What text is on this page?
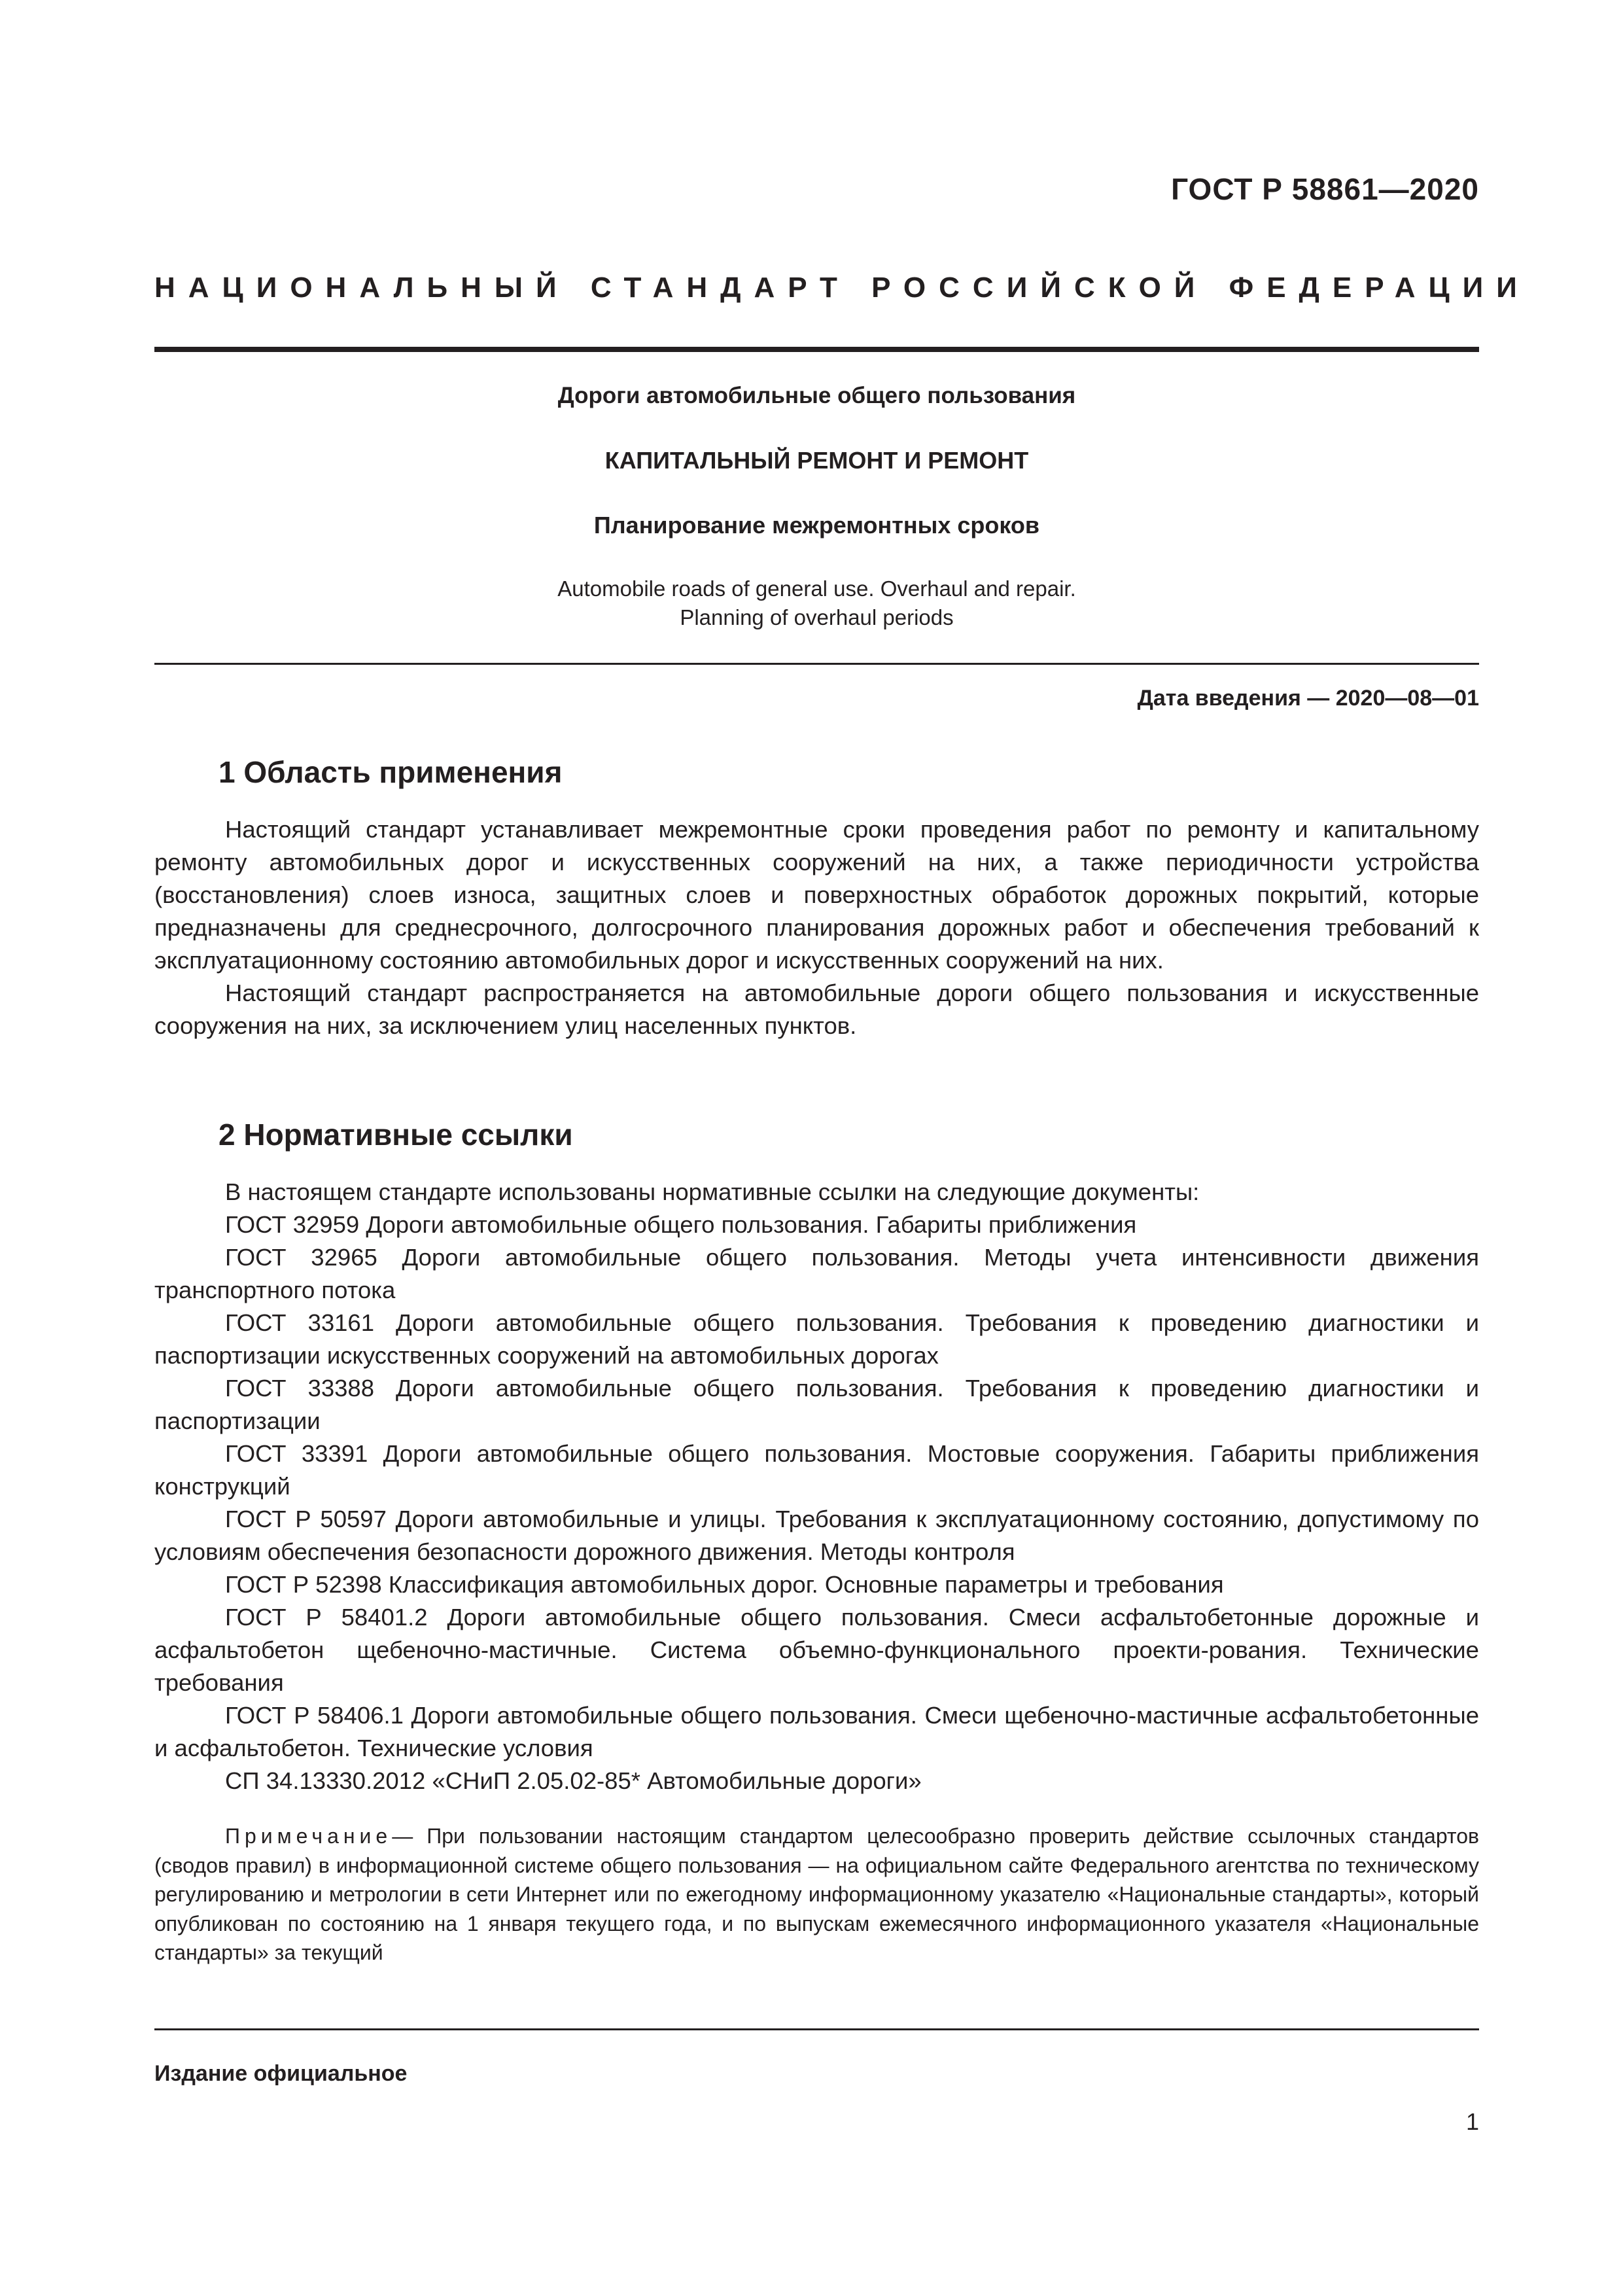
ГОСТ Р 58861—2020
НАЦИОНАЛЬНЫЙ СТАНДАРТ РОССИЙСКОЙ ФЕДЕРАЦИИ
Дороги автомобильные общего пользования
КАПИТАЛЬНЫЙ РЕМОНТ И РЕМОНТ
Планирование межремонтных сроков
Automobile roads of general use. Overhaul and repair.
Planning of overhaul periods
Дата введения — 2020—08—01
1 Область применения

Настоящий стандарт устанавливает межремонтные сроки проведения работ по ремонту и капитальному ремонту автомобильных дорог и искусственных сооружений на них, а также периодичности устройства (восстановления) слоев износа, защитных слоев и поверхностных обработок дорожных покрытий, которые предназначены для среднесрочного, долгосрочного планирования дорожных работ и обеспечения требований к эксплуатационному состоянию автомобильных дорог и искусственных сооружений на них.

Настоящий стандарт распространяется на автомобильные дороги общего пользования и искусственные сооружения на них, за исключением улиц населенных пунктов.

2 Нормативные ссылки

В настоящем стандарте использованы нормативные ссылки на следующие документы:

ГОСТ 32959 Дороги автомобильные общего пользования. Габариты приближения

ГОСТ 32965 Дороги автомобильные общего пользования. Методы учета интенсивности движения транспортного потока

ГОСТ 33161 Дороги автомобильные общего пользования. Требования к проведению диагностики и паспортизации искусственных сооружений на автомобильных дорогах

ГОСТ 33388 Дороги автомобильные общего пользования. Требования к проведению диагностики и паспортизации

ГОСТ 33391 Дороги автомобильные общего пользования. Мостовые сооружения. Габариты приближения конструкций

ГОСТ Р 50597 Дороги автомобильные и улицы. Требования к эксплуатационному состоянию, допустимому по условиям обеспечения безопасности дорожного движения. Методы контроля

ГОСТ Р 52398 Классификация автомобильных дорог. Основные параметры и требования

ГОСТ Р 58401.2 Дороги автомобильные общего пользования. Смеси асфальтобетонные дорожные и асфальтобетон щебеночно-мастичные. Система объемно-функционального проекти-рования. Технические требования

ГОСТ Р 58406.1 Дороги автомобильные общего пользования. Смеси щебеночно-мастичные асфальтобетонные и асфальтобетон. Технические условия

СП 34.13330.2012 «СНиП 2.05.02-85* Автомобильные дороги»

Примечание— При пользовании настоящим стандартом целесообразно проверить действие ссылочных стандартов (сводов правил) в информационной системе общего пользования — на официальном сайте Федерального агентства по техническому регулированию и метрологии в сети Интернет или по ежегодному информационному указателю «Национальные стандарты», который опубликован по состоянию на 1 января текущего года, и по выпускам ежемесячного информационного указателя «Национальные стандарты» за текущий

Издание официальное
1
